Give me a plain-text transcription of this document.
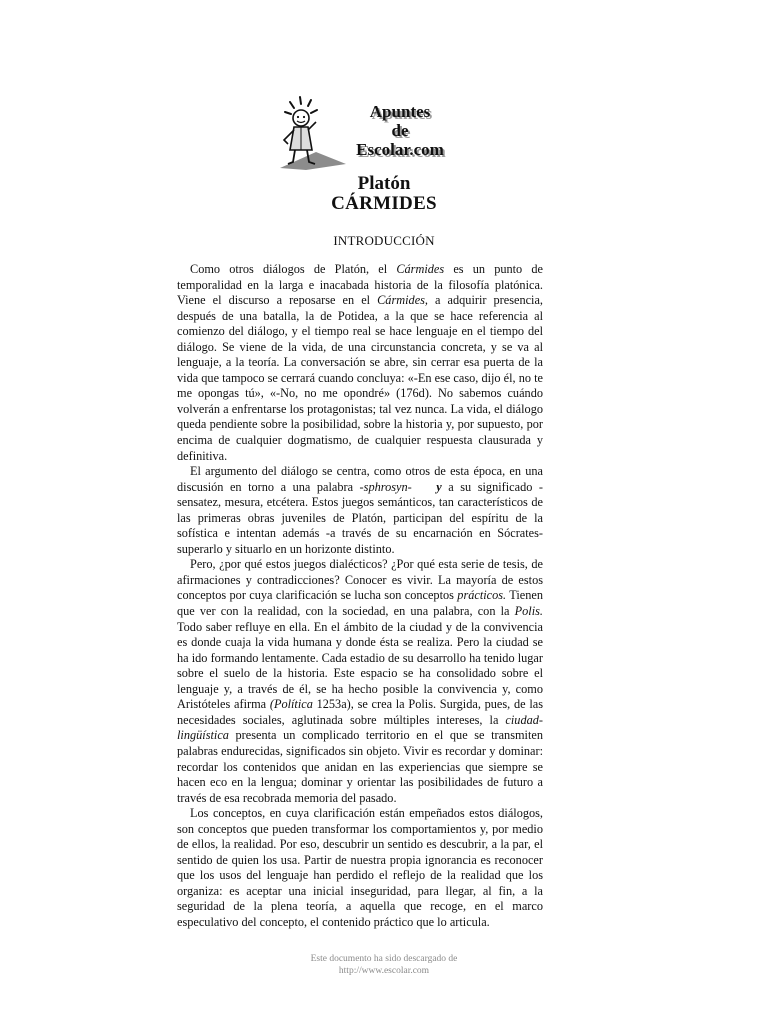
Apuntes
de
Escolar.com
Platón
CÁRMIDES
INTRODUCCIÓN

Como otros diálogos de Platón, el Cármides es un punto de temporalidad en la larga e inacabada historia de la filosofía platónica. Viene el discurso a reposarse en el Cármides, a adquirir presencia, después de una batalla, la de Potidea, a la que se hace referencia al comienzo del diálogo, y el tiempo real se hace lenguaje en el tiempo del diálogo. Se viene de la vida, de una circunstancia concreta, y se va al lenguaje, a la teoría. La conversación se abre, sin cerrar esa puerta de la vida que tampoco se cerrará cuando concluya: «-En ese caso, dijo él, no te me opongas tú», «-No, no me opondré» (176d). No sabemos cuándo volverán a enfrentarse los protagonistas; tal vez nunca. La vida, el diálogo queda pendiente sobre la posibilidad, sobre la historia y, por supuesto, por encima de cualquier dogmatismo, de cualquier respuesta clausurada y definitiva.

El argumento del diálogo se centra, como otros de esta época, en una discusión en torno a una palabra -sphrosyn-   y a su significado -sensatez, mesura, etcétera. Estos juegos semánticos, tan característicos de las primeras obras juveniles de Platón, participan del espíritu de la sofística e intentan además -a través de su encarnación en Sócrates- superarlo y situarlo en un horizonte distinto.

Pero, ¿por qué estos juegos dialécticos? ¿Por qué esta serie de tesis, de afirmaciones y contradicciones? Conocer es vivir. La mayoría de estos conceptos por cuya clarificación se lucha son conceptos prácticos. Tienen que ver con la realidad, con la sociedad, en una palabra, con la Polis. Todo saber refluye en ella. En el ámbito de la ciudad y de la convivencia es donde cuaja la vida humana y donde ésta se realiza. Pero la ciudad se ha ido formando lentamente. Cada estadio de su desarrollo ha tenido lugar sobre el suelo de la historia. Este espacio se ha consolidado sobre el lenguaje y, a través de él, se ha hecho posible la convivencia y, como Aristóteles afirma (Política 1253a), se crea la Polis. Surgida, pues, de las necesidades sociales, aglutinada sobre múltiples intereses, la ciudad-lingüística presenta un complicado territorio en el que se transmiten palabras endurecidas, significados sin objeto. Vivir es recordar y dominar: recordar los contenidos que anidan en las experiencias que siempre se hacen eco en la lengua; dominar y orientar las posibilidades de futuro a través de esa recobrada memoria del pasado.

Los conceptos, en cuya clarificación están empeñados estos diálogos, son conceptos que pueden transformar los comportamientos y, por medio de ellos, la realidad. Por eso, descubrir un sentido es descubrir, a la par, el sentido de quien los usa. Partir de nuestra propia ignorancia es reconocer que los usos del lenguaje han perdido el reflejo de la realidad que los organiza: es aceptar una inicial inseguridad, para llegar, al fin, a la seguridad de la plena teoría, a aquella que recoge, en el marco especulativo del concepto, el contenido práctico que lo articula.

Este documento ha sido descargado de
http://www.escolar.com
